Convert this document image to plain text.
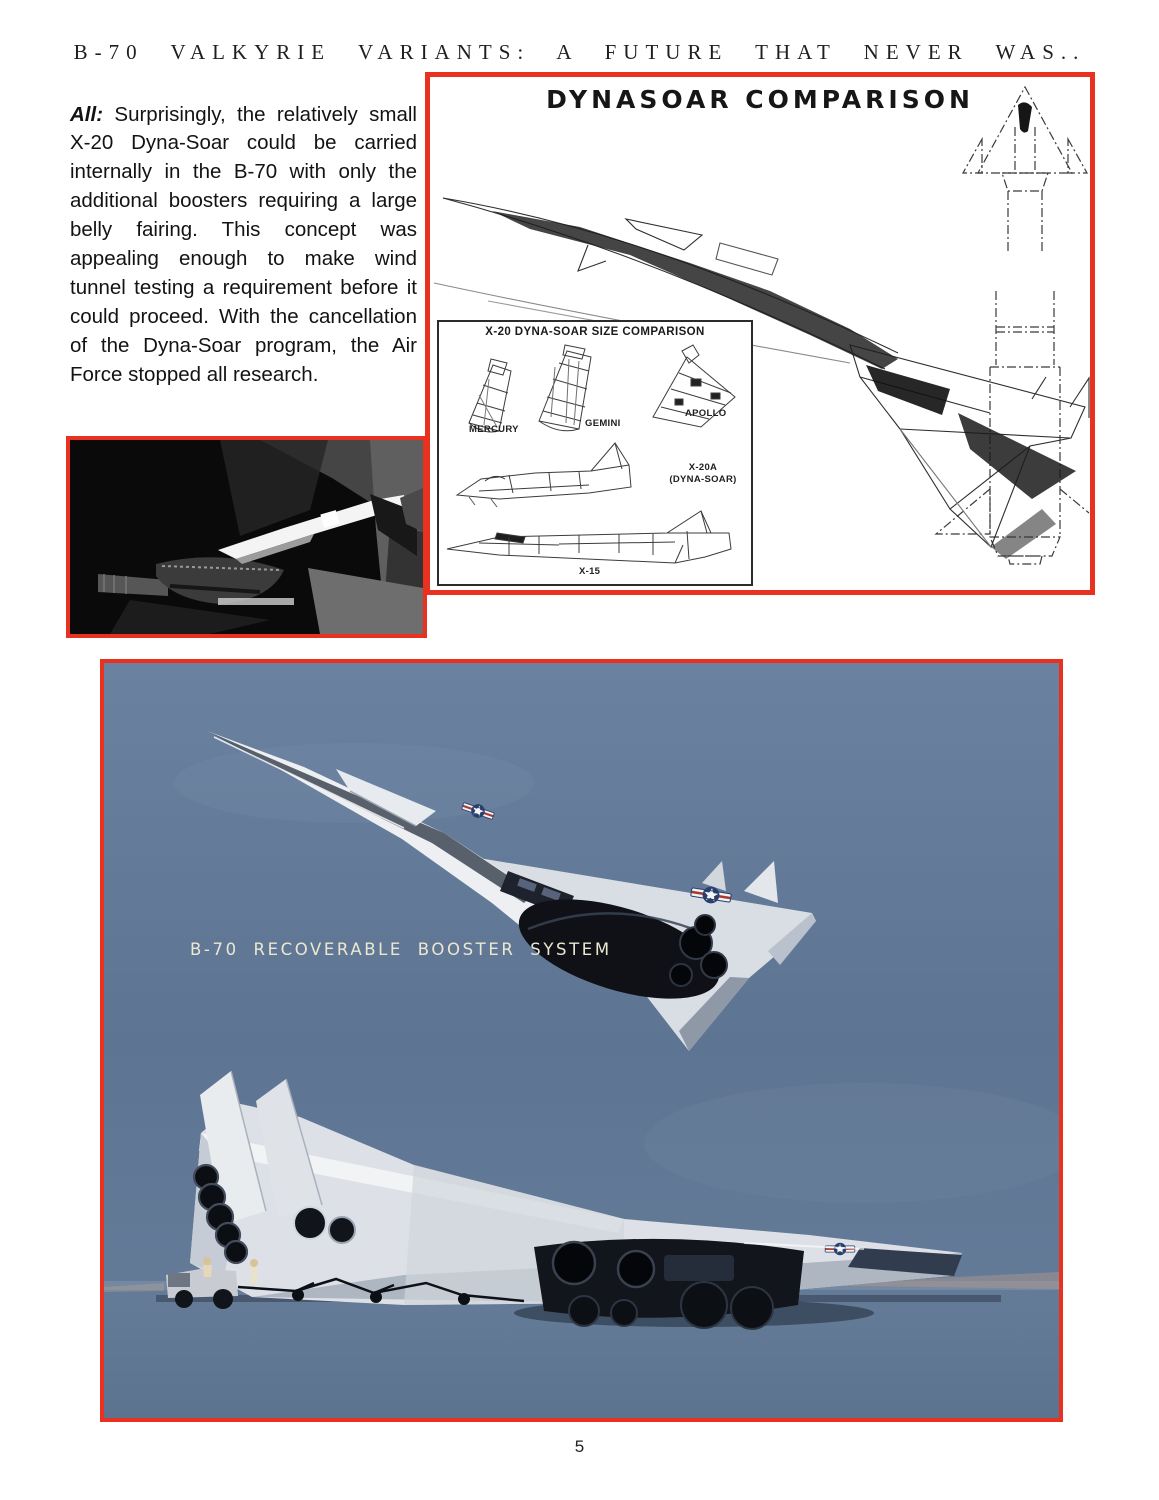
B-70 VALKYRIE VARIANTS: A FUTURE THAT NEVER WAS..

All: Surprisingly, the relatively small X-20 Dyna-Soar could be carried internally in the B-70 with only the additional boosters requiring a large belly fairing. This concept was appealing enough to make wind tunnel testing a requirement before it could proceed. With the cancellation of the Dyna-Soar program, the Air Force stopped all research.

DYNASOAR COMPARISON
X-20 DYNA-SOAR SIZE COMPARISON
MERCURY
GEMINI
APOLLO
X-20A
(DYNA-SOAR)
X-15
B-70 RECOVERABLE BOOSTER SYSTEM
5
